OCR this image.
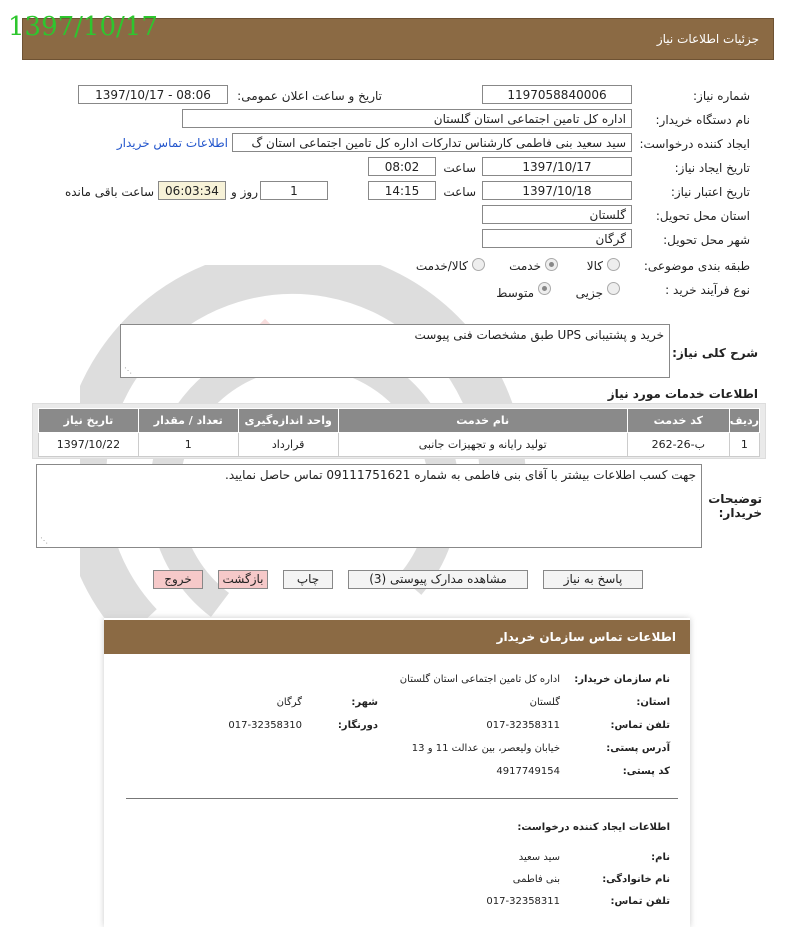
جزئیات اطلاعات نیاز
1397/10/17
شماره نیاز:
1197058840006
تاریخ و ساعت اعلان عمومی:
1397/10/17 - 08:06
نام دستگاه خریدار:
اداره کل تامین اجتماعی استان گلستان
ایجاد کننده درخواست:
سید سعید بنی فاطمی کارشناس تدارکات اداره کل تامین اجتماعی استان گ
اطلاعات تماس خریدار
تاریخ ایجاد نیاز:
1397/10/17
ساعت
08:02
تاریخ اعتبار نیاز:
1397/10/18
ساعت
14:15
1
روز و
06:03:34
ساعت باقی مانده
استان محل تحویل:
گلستان
شهر محل تحویل:
گرگان
طبقه بندی موضوعی:
کالا
خدمت
کالا/خدمت
نوع فرآیند خرید :
جزیی
متوسط
شرح کلی نیاز:
خرید و پشتیبانی UPS طبق مشخصات فنی پیوست
⋰
اطلاعات خدمات مورد نیاز
تاریخ نیاز	تعداد / مقدار	واحد اندازه‌گیری	نام خدمت	کد خدمت	ردیف
1397/10/22	1	قرارداد	تولید رایانه و تجهیزات جانبی	ب-26-262	1
توضیحات خریدار:
جهت کسب اطلاعات بیشتر با آقای بنی فاطمی به شماره 09111751621 تماس حاصل نمایید.
⋰
پاسخ به نیاز
مشاهده مدارک پیوستی (3)
چاپ
بازگشت
خروج
اطلاعات تماس سازمان خریدار
نام سازمان خریدار:
اداره کل تامین اجتماعی استان گلستان
استان:
گلستان
شهر:
گرگان
تلفن تماس:
017-32358311
دورنگار:
017-32358310
آدرس پستی:
خیابان ولیعصر، بین عدالت 11 و 13
کد پستی:
4917749154
اطلاعات ایجاد کننده درخواست:
نام:
سید سعید
نام خانوادگی:
بنی فاطمی
تلفن تماس:
017-32358311
